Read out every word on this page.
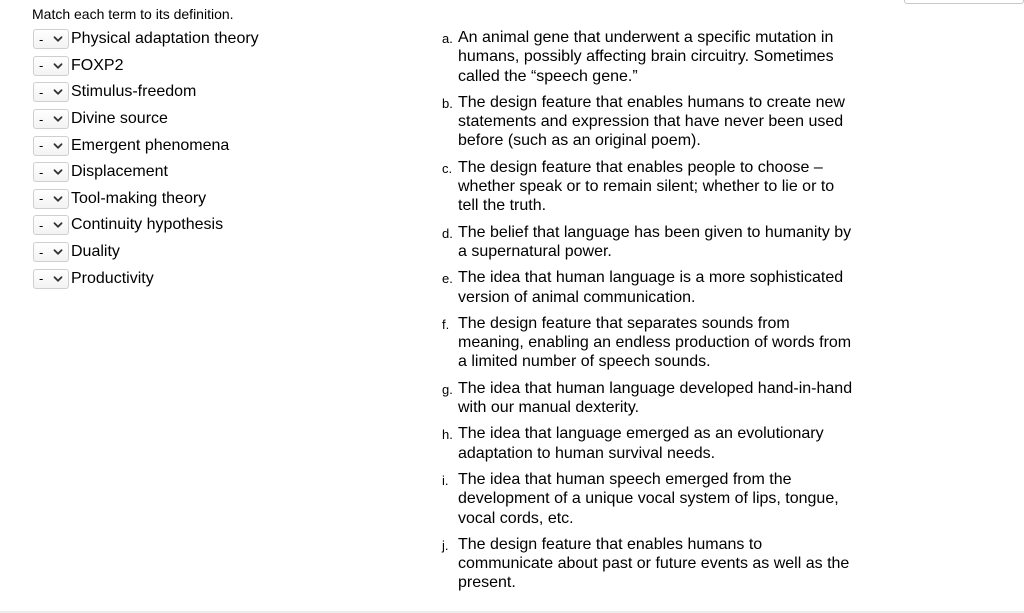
Match each term to its definition.
- Physical adaptation theory
- FOXP2
- Stimulus-freedom
- Divine source
- Emergent phenomena
- Displacement
- Tool-making theory
- Continuity hypothesis
- Duality
- Productivity
a. An animal gene that underwent a specific mutation in humans, possibly affecting brain circuitry. Sometimes called the “speech gene.”
b. The design feature that enables humans to create new statements and expression that have never been used before (such as an original poem).
c. The design feature that enables people to choose – whether speak or to remain silent; whether to lie or to tell the truth.
d. The belief that language has been given to humanity by a supernatural power.
e. The idea that human language is a more sophisticated version of animal communication.
f. The design feature that separates sounds from meaning, enabling an endless production of words from a limited number of speech sounds.
g. The idea that human language developed hand-in-hand with our manual dexterity.
h. The idea that language emerged as an evolutionary adaptation to human survival needs.
i. The idea that human speech emerged from the development of a unique vocal system of lips, tongue, vocal cords, etc.
j. The design feature that enables humans to communicate about past or future events as well as the present.
